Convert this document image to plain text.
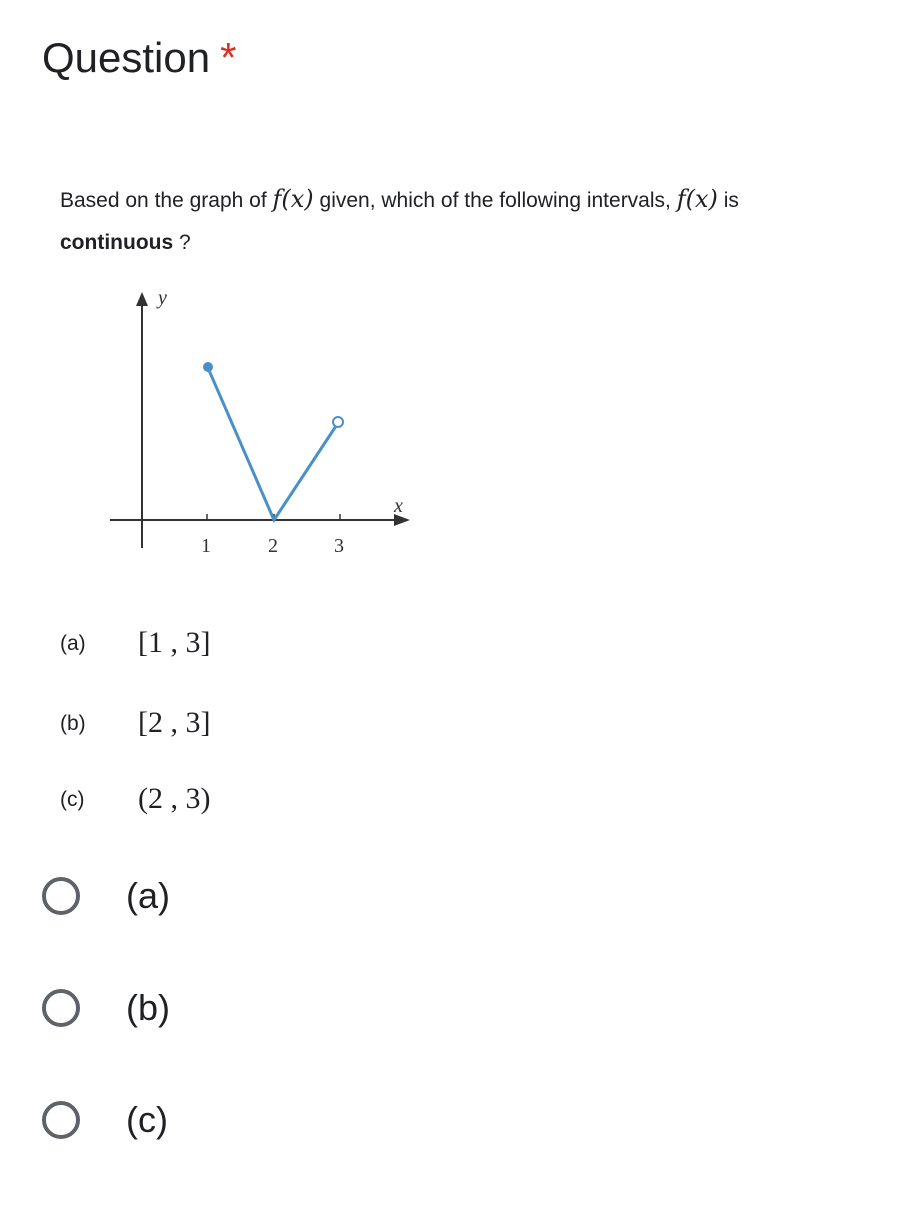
Question *
Based on the graph of f(x) given, which of the following intervals, f(x) is
continuous ?
y
x
1	2	3
(a)	[1 , 3]
(b)	[2 , 3]
(c)	(2 , 3)
(a)
(b)
(c)
